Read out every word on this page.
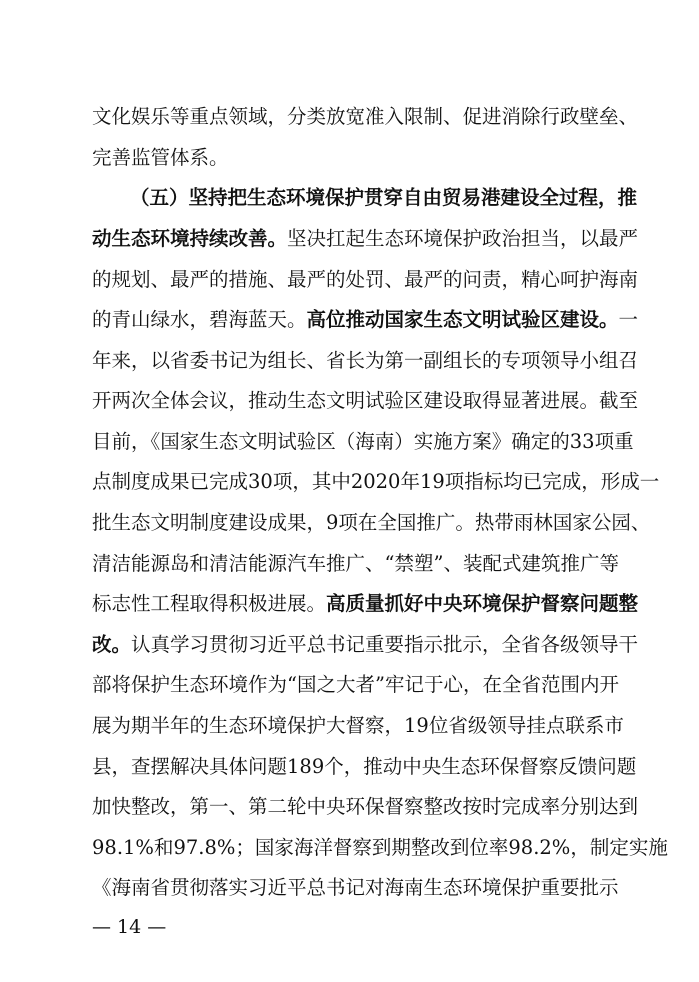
文化娱乐等重点领域，分类放宽准入限制、促进消除行政壁垒、
完善监管体系。
（五）坚持把生态环境保护贯穿自由贸易港建设全过程，推
动生态环境持续改善。坚决扛起生态环境保护政治担当，以最严
的规划、最严的措施、最严的处罚、最严的问责，精心呵护海南
的青山绿水，碧海蓝天。高位推动国家生态文明试验区建设。一
年来，以省委书记为组长、省长为第一副组长的专项领导小组召
开两次全体会议，推动生态文明试验区建设取得显著进展。截至
目前，《国家生态文明试验区（海南）实施方案》确定的33项重
点制度成果已完成30项，其中2020年19项指标均已完成，形成一
批生态文明制度建设成果，9项在全国推广。热带雨林国家公园、
清洁能源岛和清洁能源汽车推广、“禁塑”、装配式建筑推广等
标志性工程取得积极进展。高质量抓好中央环境保护督察问题整
改。认真学习贯彻习近平总书记重要指示批示，全省各级领导干
部将保护生态环境作为“国之大者”牢记于心，在全省范围内开
展为期半年的生态环境保护大督察，19位省级领导挂点联系市
县，查摆解决具体问题189个，推动中央生态环保督察反馈问题
加快整改，第一、第二轮中央环保督察整改按时完成率分别达到
98.1%和97.8%；国家海洋督察到期整改到位率98.2%，制定实施
《海南省贯彻落实习近平总书记对海南生态环境保护重要批示
— 14 —
